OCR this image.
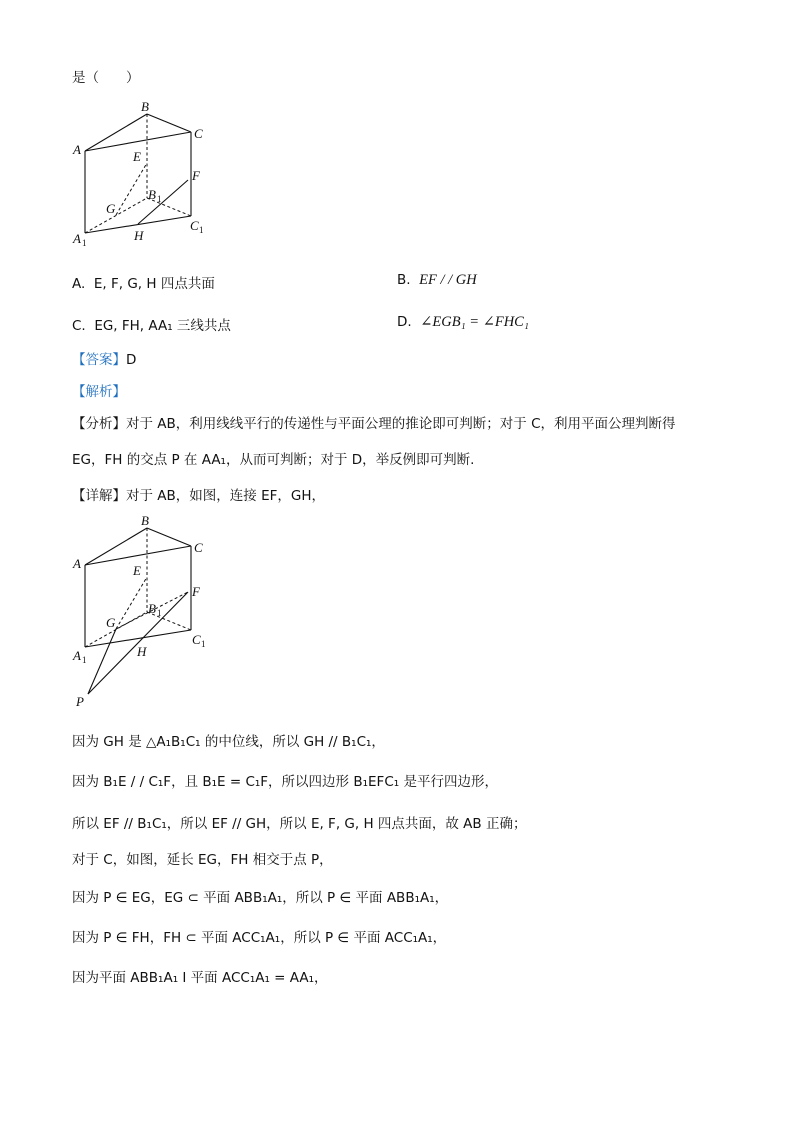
是（　　）
B
C
A	E
F
B 1
G
C 1
H
A 1
A. E, F, G, H 四点共面	B. EF / / GH
C. EG, FH, AA₁ 三线共点	D. ∠EGB₁ = ∠FHC₁
【答案】D
【解析】
【分析】对于 AB，利用线线平行的传递性与平面公理的推论即可判断；对于 C，利用平面公理判断得
EG，FH 的交点 P 在 AA₁，从而可判断；对于 D，举反例即可判断.
【详解】对于 AB，如图，连接 EF，GH，
B
C
A	E
F
B 1
G
C 1
H
A 1
P
因为 GH 是 △A₁B₁C₁ 的中位线，所以 GH // B₁C₁，
因为 B₁E / / C₁F，且 B₁E = C₁F，所以四边形 B₁EFC₁ 是平行四边形，
所以 EF // B₁C₁，所以 EF // GH，所以 E, F, G, H 四点共面，故 AB 正确；
对于 C，如图，延长 EG，FH 相交于点 P，
因为 P ∈ EG，EG ⊂ 平面 ABB₁A₁，所以 P ∈ 平面 ABB₁A₁，
因为 P ∈ FH，FH ⊂ 平面 ACC₁A₁，所以 P ∈ 平面 ACC₁A₁，
因为平面 ABB₁A₁ I 平面 ACC₁A₁ = AA₁，
